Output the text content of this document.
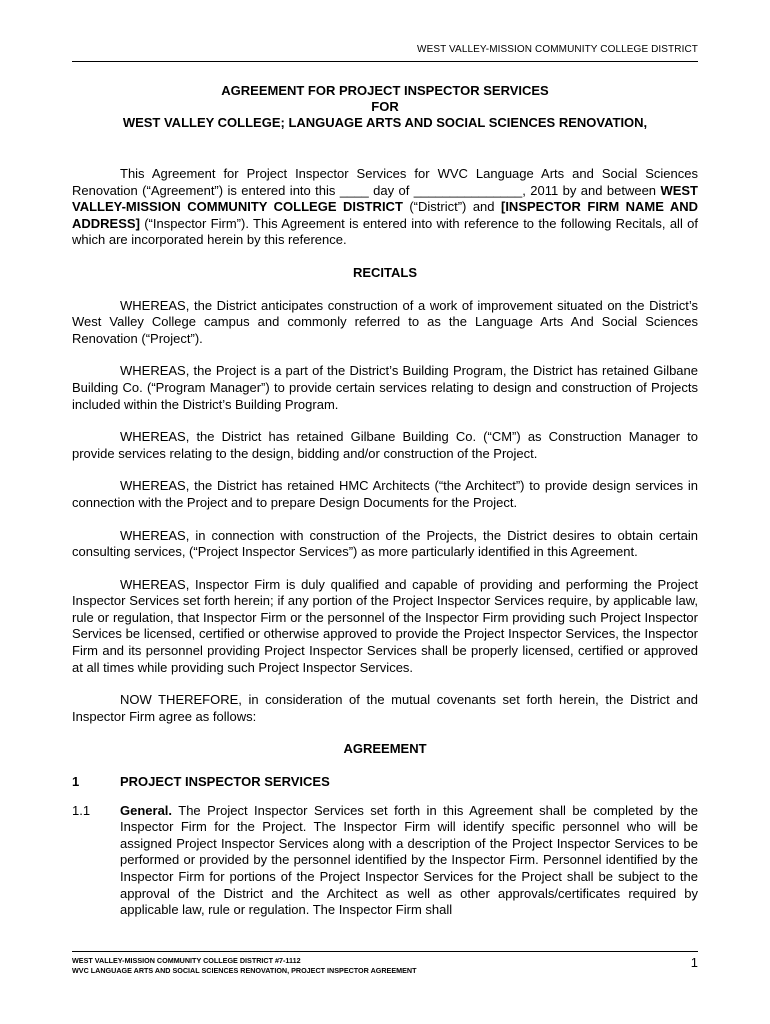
WEST VALLEY-MISSION COMMUNITY COLLEGE DISTRICT
AGREEMENT FOR PROJECT INSPECTOR SERVICES
FOR
WEST VALLEY COLLEGE; LANGUAGE ARTS AND SOCIAL SCIENCES RENOVATION,

This Agreement for Project Inspector Services for WVC Language Arts and Social Sciences Renovation (“Agreement”) is entered into this ____ day of _______________, 2011 by and between WEST VALLEY-MISSION COMMUNITY COLLEGE DISTRICT (“District”) and [INSPECTOR FIRM NAME AND ADDRESS] (“Inspector Firm”). This Agreement is entered into with reference to the following Recitals, all of which are incorporated herein by this reference.

RECITALS

WHEREAS, the District anticipates construction of a work of improvement situated on the District’s West Valley College campus and commonly referred to as the Language Arts And Social Sciences Renovation (“Project”).

WHEREAS, the Project is a part of the District’s Building Program, the District has retained Gilbane Building Co. (“Program Manager”) to provide certain services relating to design and construction of Projects included within the District’s Building Program.

WHEREAS, the District has retained Gilbane Building Co. (“CM”) as Construction Manager to provide services relating to the design, bidding and/or construction of the Project.

WHEREAS, the District has retained HMC Architects (“the Architect”) to provide design services in connection with the Project and to prepare Design Documents for the Project.

WHEREAS, in connection with construction of the Projects, the District desires to obtain certain consulting services, (“Project Inspector Services”) as more particularly identified in this Agreement.

WHEREAS, Inspector Firm is duly qualified and capable of providing and performing the Project Inspector Services set forth herein; if any portion of the Project Inspector Services require, by applicable law, rule or regulation, that Inspector Firm or the personnel of the Inspector Firm providing such Project Inspector Services be licensed, certified or otherwise approved to provide the Project Inspector Services, the Inspector Firm and its personnel providing Project Inspector Services shall be properly licensed, certified or approved at all times while providing such Project Inspector Services.

NOW THEREFORE, in consideration of the mutual covenants set forth herein, the District and Inspector Firm agree as follows:

AGREEMENT
1	PROJECT INSPECTOR SERVICES
1.1	General. The Project Inspector Services set forth in this Agreement shall be completed by the Inspector Firm for the Project. The Inspector Firm will identify specific personnel who will be assigned Project Inspector Services along with a description of the Project Inspector Services to be performed or provided by the personnel identified by the Inspector Firm. Personnel identified by the Inspector Firm for portions of the Project Inspector Services for the Project shall be subject to the approval of the District and the Architect as well as other approvals/certificates required by applicable law, rule or regulation. The Inspector Firm shall
WEST VALLEY-MISSION COMMUNITY COLLEGE DISTRICT #7-1112
WVC LANGUAGE ARTS AND SOCIAL SCIENCES RENOVATION, PROJECT INSPECTOR AGREEMENT
1
